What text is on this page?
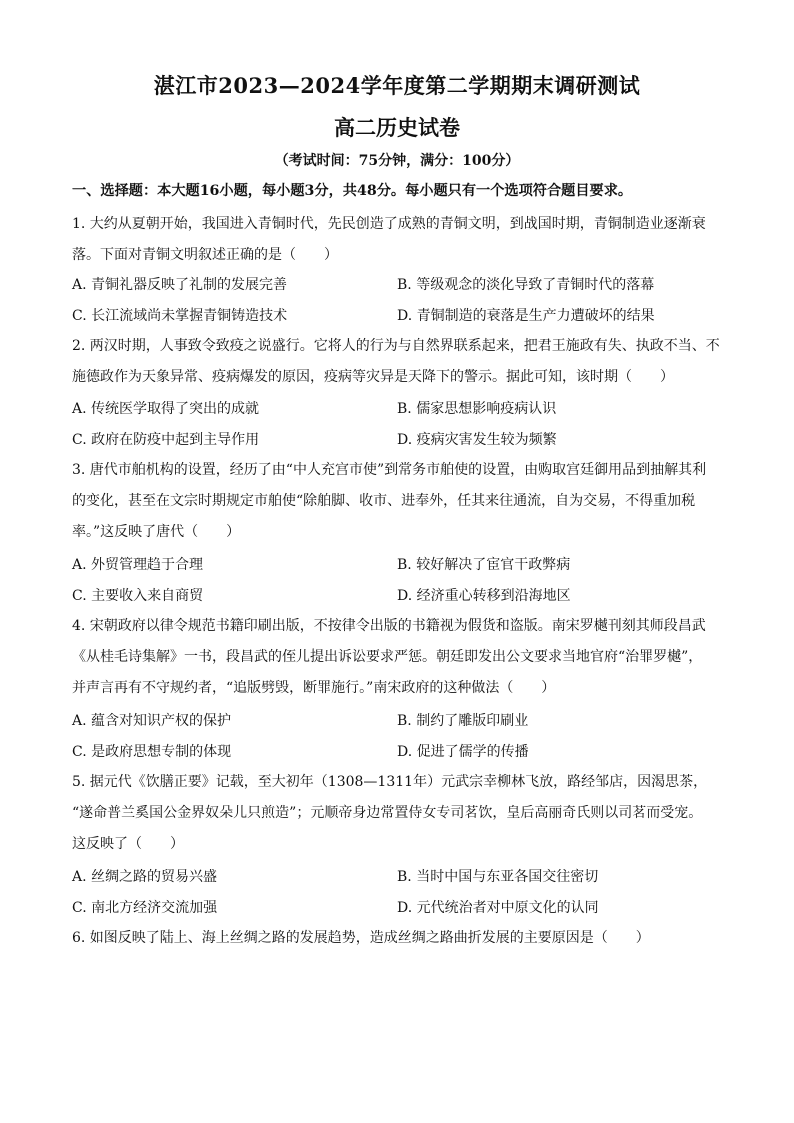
湛江市2023—2024学年度第二学期期末调研测试
高二历史试卷
（考试时间：75分钟，满分：100分）
一、选择题：本大题16小题，每小题3分，共48分。每小题只有一个选项符合题目要求。
1. 大约从夏朝开始，我国进入青铜时代，先民创造了成熟的青铜文明，到战国时期，青铜制造业逐渐衰
落。下面对青铜文明叙述正确的是（　　）
A. 青铜礼器反映了礼制的发展完善	B. 等级观念的淡化导致了青铜时代的落幕
C. 长江流域尚未掌握青铜铸造技术	D. 青铜制造的衰落是生产力遭破坏的结果
2. 两汉时期，人事致令致疫之说盛行。它将人的行为与自然界联系起来，把君王施政有失、执政不当、不
施德政作为天象异常、疫病爆发的原因，疫病等灾异是天降下的警示。据此可知，该时期（　　）
A. 传统医学取得了突出的成就	B. 儒家思想影响疫病认识
C. 政府在防疫中起到主导作用	D. 疫病灾害发生较为频繁
3. 唐代市舶机构的设置，经历了由“中人充宫市使”到常务市舶使的设置，由购取宫廷御用品到抽解其利
的变化，甚至在文宗时期规定市舶使“除舶脚、收市、进奉外，任其来往通流，自为交易，不得重加税
率。”这反映了唐代（　　）
A. 外贸管理趋于合理	B. 较好解决了宦官干政弊病
C. 主要收入来自商贸	D. 经济重心转移到沿海地区
4. 宋朝政府以律令规范书籍印刷出版，不按律令出版的书籍视为假货和盗版。南宋罗樾刊刻其师段昌武
《从桂毛诗集解》一书，段昌武的侄儿提出诉讼要求严惩。朝廷即发出公文要求当地官府“治罪罗樾”，
并声言再有不守规约者，“追版劈毁，断罪施行。”南宋政府的这种做法（　　）
A. 蕴含对知识产权的保护	B. 制约了雕版印刷业
C. 是政府思想专制的体现	D. 促进了儒学的传播
5. 据元代《饮膳正要》记载，至大初年（1308—1311年）元武宗幸柳林飞放，路经邹店，因渴思茶，
“遂命普兰奚国公金界奴朵儿只煎造”；元顺帝身边常置侍女专司茗饮，皇后高丽奇氏则以司茗而受宠。
这反映了（　　）
A. 丝绸之路的贸易兴盛	B. 当时中国与东亚各国交往密切
C. 南北方经济交流加强	D. 元代统治者对中原文化的认同
6. 如图反映了陆上、海上丝绸之路的发展趋势，造成丝绸之路曲折发展的主要原因是（　　）
